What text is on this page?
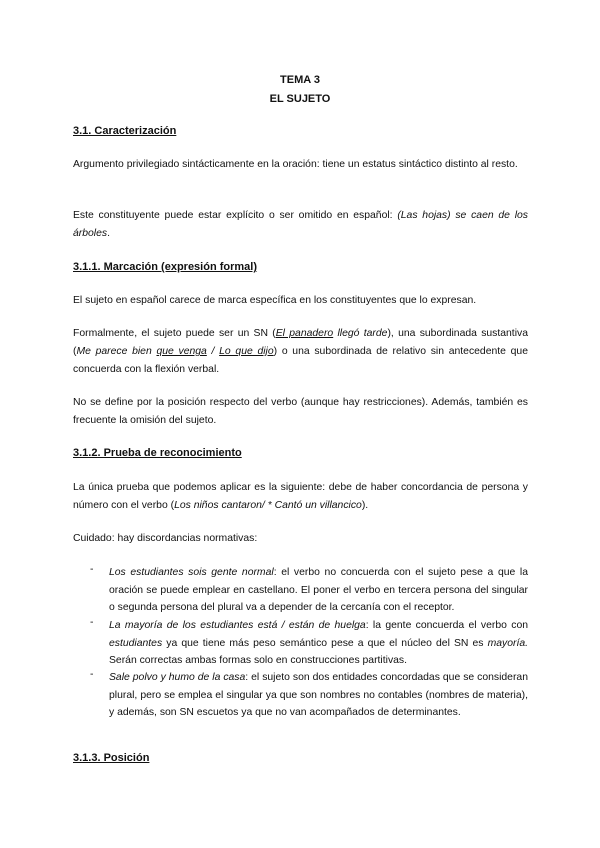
TEMA 3
EL SUJETO
3.1. Caracterización
Argumento privilegiado sintácticamente en la oración: tiene un estatus sintáctico distinto al resto.
Este constituyente puede estar explícito o ser omitido en español: (Las hojas) se caen de los árboles.
3.1.1. Marcación (expresión formal)
El sujeto en español carece de marca específica en los constituyentes que lo expresan.
Formalmente, el sujeto puede ser un SN (El panadero llegó tarde), una subordinada sustantiva (Me parece bien que venga / Lo que dijo) o una subordinada de relativo sin antecedente que concuerda con la flexión verbal.
No se define por la posición respecto del verbo (aunque hay restricciones). Además, también es frecuente la omisión del sujeto.
3.1.2. Prueba de reconocimiento
La única prueba que podemos aplicar es la siguiente: debe de haber concordancia de persona y número con el verbo (Los niños cantaron/ * Cantó un villancico).
Cuidado: hay discordancias normativas:
- Los estudiantes sois gente normal: el verbo no concuerda con el sujeto pese a que la oración se puede emplear en castellano. El poner el verbo en tercera persona del singular o segunda persona del plural va a depender de la cercanía con el receptor.
- La mayoría de los estudiantes está / están de huelga: la gente concuerda el verbo con estudiantes ya que tiene más peso semántico pese a que el núcleo del SN es mayoría. Serán correctas ambas formas solo en construcciones partitivas.
- Sale polvo y humo de la casa: el sujeto son dos entidades concordadas que se consideran plural, pero se emplea el singular ya que son nombres no contables (nombres de materia), y además, son SN escuetos ya que no van acompañados de determinantes.
3.1.3. Posición
